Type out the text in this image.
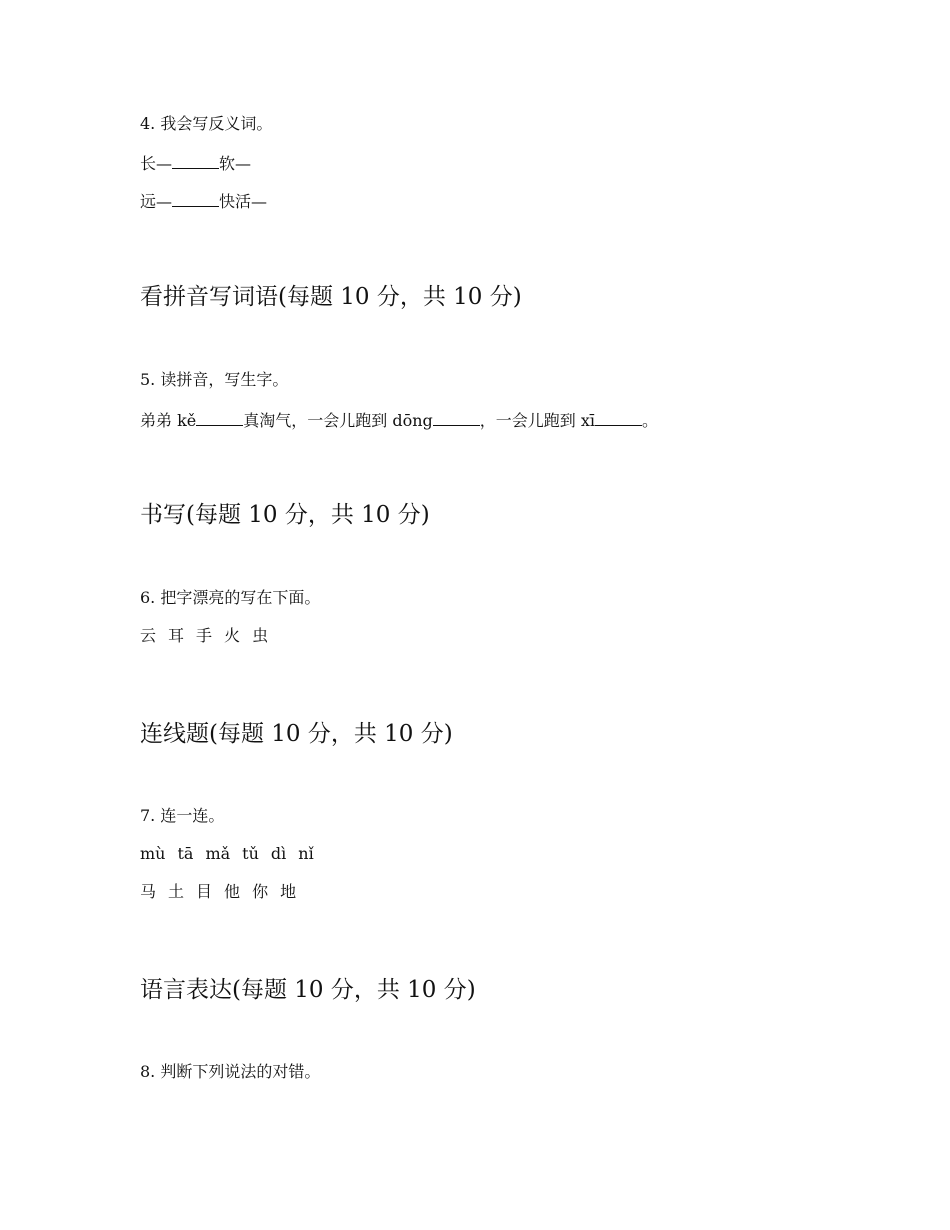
4. 我会写反义词。
长—	软—
远—	快活—
看拼音写词语(每题 10 分，共 10 分)
5. 读拼音，写生字。
弟弟 kě	真淘气，一会儿跑到 dōng	，一会儿跑到 xī	。
书写(每题 10 分，共 10 分)
6. 把字漂亮的写在下面。
云 耳 手 火 虫
连线题(每题 10 分，共 10 分)
7. 连一连。
mù tā mǎ tǔ dì nǐ
马 土 目 他 你 地
语言表达(每题 10 分，共 10 分)
8. 判断下列说法的对错。
